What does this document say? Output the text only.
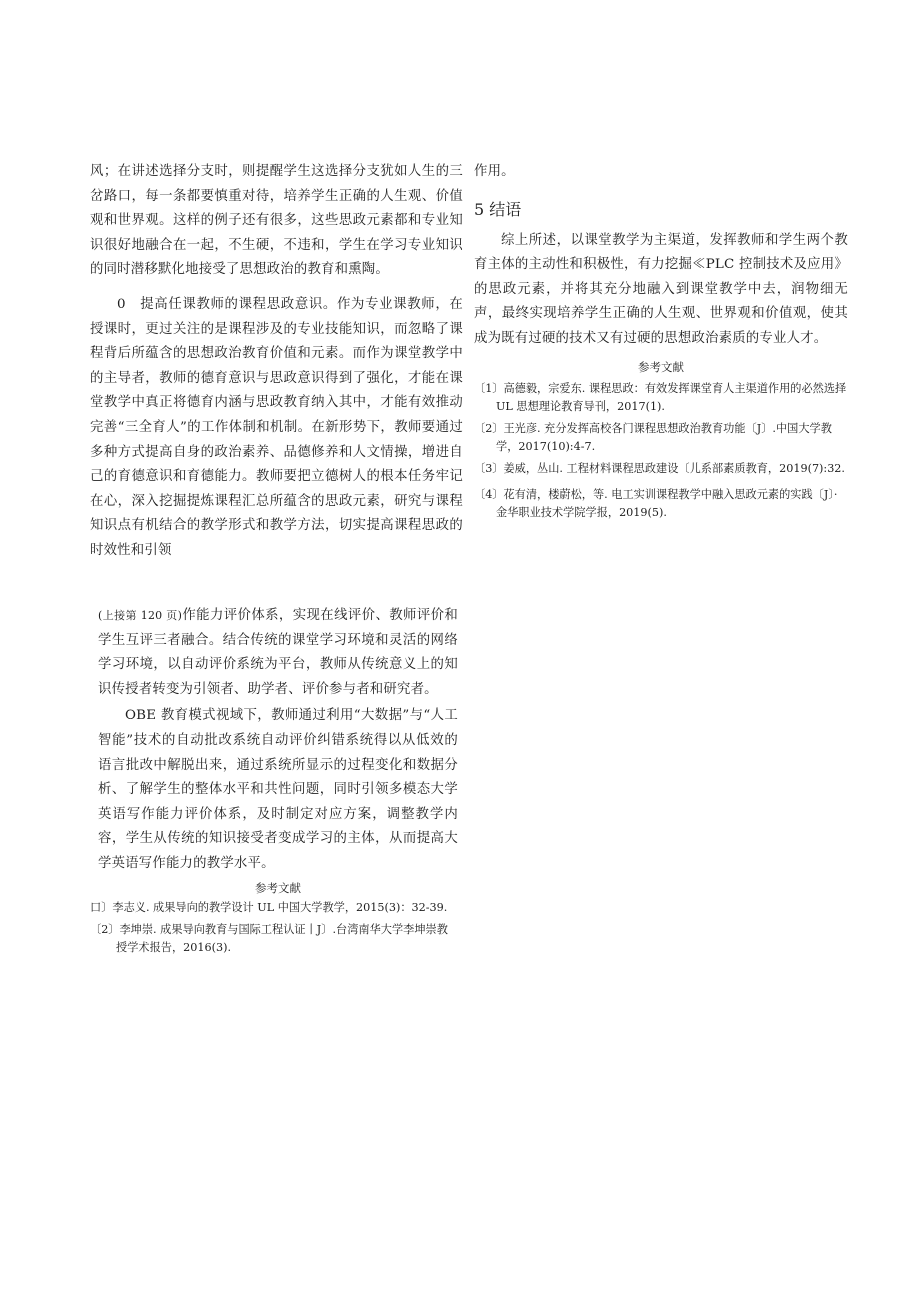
风；在讲述选择分支时，则提醒学生这选择分支犹如人生的三岔路口，每一条都要慎重对待，培养学生正确的人生观、价值观和世界观。这样的例子还有很多，这些思政元素都和专业知识很好地融合在一起，不生硬，不违和，学生在学习专业知识的同时潜移默化地接受了思想政治的教育和熏陶。

0　提高任课教师的课程思政意识。作为专业课教师，在授课时，更过关注的是课程涉及的专业技能知识，而忽略了课程背后所蕴含的思想政治教育价值和元素。而作为课堂教学中的主导者，教师的德育意识与思政意识得到了强化，才能在课堂教学中真正将德育内涵与思政教育纳入其中，才能有效推动完善“三全育人”的工作体制和机制。在新形势下，教师要通过多种方式提高自身的政治素养、品德修养和人文情操，增进自己的育德意识和育德能力。教师要把立德树人的根本任务牢记在心，深入挖掘提炼课程汇总所蕴含的思政元素，研究与课程知识点有机结合的教学形式和教学方法，切实提高课程思政的时效性和引领

作用。

5 结语

综上所述，以课堂教学为主渠道，发挥教师和学生两个教育主体的主动性和积极性，有力挖掘≪PLC 控制技术及应用》的思政元素，并将其充分地融入到课堂教学中去，润物细无声，最终实现培养学生正确的人生观、世界观和价值观，使其成为既有过硬的技术又有过硬的思想政治素质的专业人才。

参考文献

〔1〕高德毅，宗爱东. 课程思政：有效发挥课堂育人主渠道作用的必然选择 UL 思想理论教育导刊，2017(1).

〔2〕王光彦. 充分发挥高校各门课程思想政治教育功能〔J〕.中国大学教学，2017(10):4-7.

〔3〕姜威，丛山. 工程材料课程思政建设〔儿系部素质教育，2019(7):32.

〔4〕花有清，楼蔚松，等. 电工实训课程教学中融入思政元素的实践〔J〕·金华职业技术学院学报，2019(5).

(上接第 120 页)作能力评价体系，实现在线评价、教师评价和学生互评三者融合。结合传统的课堂学习环境和灵活的网络学习环境，以自动评价系统为平台，教师从传统意义上的知识传授者转变为引领者、助学者、评价参与者和研究者。

OBE 教育模式视域下，教师通过利用“大数据”与“人工智能”技术的自动批改系统自动评价纠错系统得以从低效的语言批改中解脱出来，通过系统所显示的过程变化和数据分析、了解学生的整体水平和共性问题，同时引领多模态大学英语写作能力评价体系，及时制定对应方案，调整教学内容，学生从传统的知识接受者变成学习的主体，从而提高大学英语写作能力的教学水平。

参考文献

口〕李志义. 成果导向的教学设计 UL 中国大学教学，2015(3)：32-39.

〔2〕李坤崇. 成果导向教育与国际工程认证丨J〕.台湾南华大学李坤崇教授学术报告，2016(3).
